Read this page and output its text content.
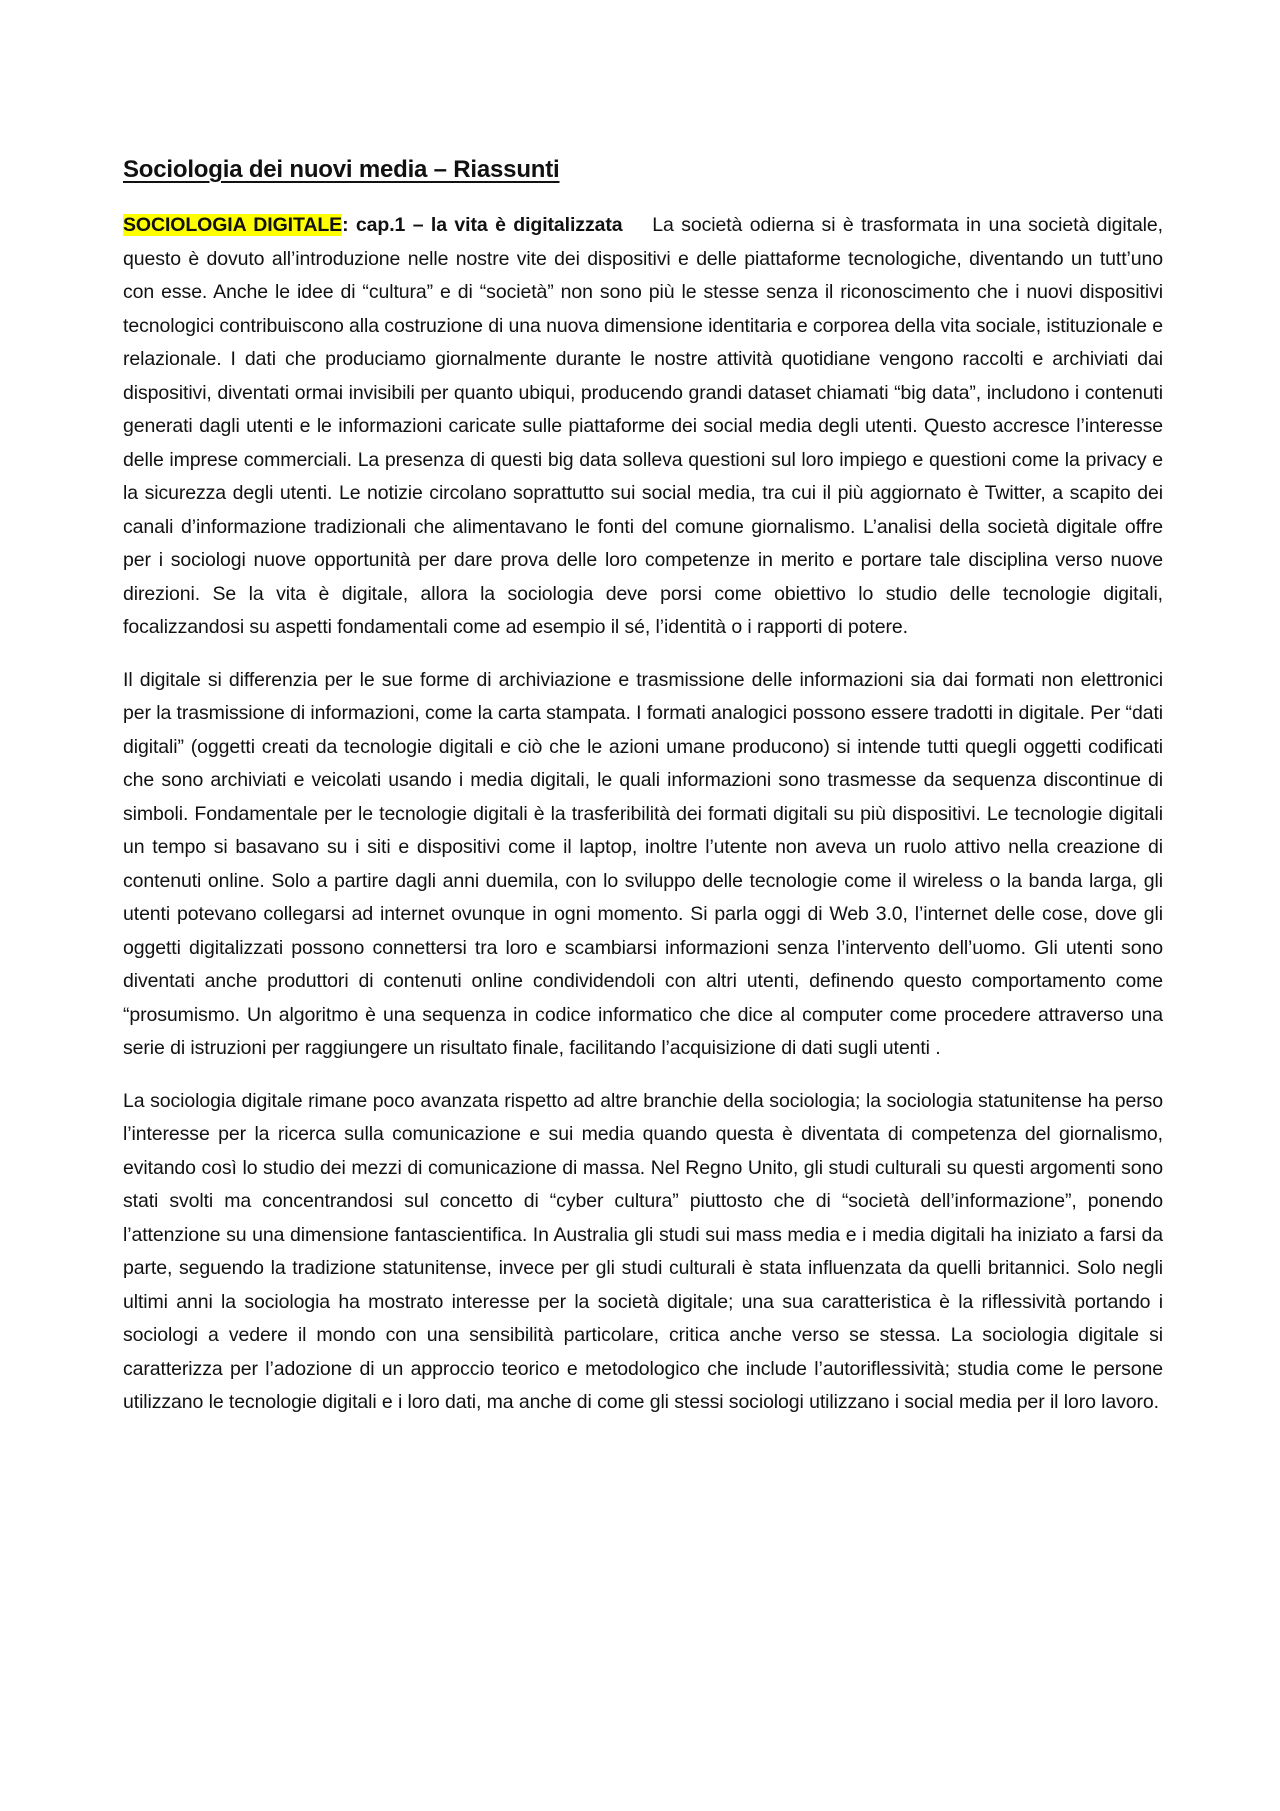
Sociologia dei nuovi media – Riassunti

SOCIOLOGIA DIGITALE: cap.1 – la vita è digitalizzata La società odierna si è trasformata in una società digitale, questo è dovuto all’introduzione nelle nostre vite dei dispositivi e delle piattaforme tecnologiche, diventando un tutt’uno con esse. Anche le idee di “cultura” e di “società” non sono più le stesse senza il riconoscimento che i nuovi dispositivi tecnologici contribuiscono alla costruzione di una nuova dimensione identitaria e corporea della vita sociale, istituzionale e relazionale. I dati che produciamo giornalmente durante le nostre attività quotidiane vengono raccolti e archiviati dai dispositivi, diventati ormai invisibili per quanto ubiqui, producendo grandi dataset chiamati “big data”, includono i contenuti generati dagli utenti e le informazioni caricate sulle piattaforme dei social media degli utenti. Questo accresce l’interesse delle imprese commerciali. La presenza di questi big data solleva questioni sul loro impiego e questioni come la privacy e la sicurezza degli utenti. Le notizie circolano soprattutto sui social media, tra cui il più aggiornato è Twitter, a scapito dei canali d’informazione tradizionali che alimentavano le fonti del comune giornalismo. L’analisi della società digitale offre per i sociologi nuove opportunità per dare prova delle loro competenze in merito e portare tale disciplina verso nuove direzioni. Se la vita è digitale, allora la sociologia deve porsi come obiettivo lo studio delle tecnologie digitali, focalizzandosi su aspetti fondamentali come ad esempio il sé, l’identità o i rapporti di potere.

Il digitale si differenzia per le sue forme di archiviazione e trasmissione delle informazioni sia dai formati non elettronici per la trasmissione di informazioni, come la carta stampata. I formati analogici possono essere tradotti in digitale. Per “dati digitali” (oggetti creati da tecnologie digitali e ciò che le azioni umane producono) si intende tutti quegli oggetti codificati che sono archiviati e veicolati usando i media digitali, le quali informazioni sono trasmesse da sequenza discontinue di simboli. Fondamentale per le tecnologie digitali è la trasferibilità dei formati digitali su più dispositivi. Le tecnologie digitali un tempo si basavano su i siti e dispositivi come il laptop, inoltre l’utente non aveva un ruolo attivo nella creazione di contenuti online. Solo a partire dagli anni duemila, con lo sviluppo delle tecnologie come il wireless o la banda larga, gli utenti potevano collegarsi ad internet ovunque in ogni momento. Si parla oggi di Web 3.0, l’internet delle cose, dove gli oggetti digitalizzati possono connettersi tra loro e scambiarsi informazioni senza l’intervento dell’uomo. Gli utenti sono diventati anche produttori di contenuti online condividendoli con altri utenti, definendo questo comportamento come “prosumismo. Un algoritmo è una sequenza in codice informatico che dice al computer come procedere attraverso una serie di istruzioni per raggiungere un risultato finale, facilitando l’acquisizione di dati sugli utenti .

La sociologia digitale rimane poco avanzata rispetto ad altre branchie della sociologia; la sociologia statunitense ha perso l’interesse per la ricerca sulla comunicazione e sui media quando questa è diventata di competenza del giornalismo, evitando così lo studio dei mezzi di comunicazione di massa. Nel Regno Unito, gli studi culturali su questi argomenti sono stati svolti ma concentrandosi sul concetto di “cyber cultura” piuttosto che di “società dell’informazione”, ponendo l’attenzione su una dimensione fantascientifica. In Australia gli studi sui mass media e i media digitali ha iniziato a farsi da parte, seguendo la tradizione statunitense, invece per gli studi culturali è stata influenzata da quelli britannici. Solo negli ultimi anni la sociologia ha mostrato interesse per la società digitale; una sua caratteristica è la riflessività portando i sociologi a vedere il mondo con una sensibilità particolare, critica anche verso se stessa. La sociologia digitale si caratterizza per l’adozione di un approccio teorico e metodologico che include l’autoriflessività; studia come le persone utilizzano le tecnologie digitali e i loro dati, ma anche di come gli stessi sociologi utilizzano i social media per il loro lavoro.
